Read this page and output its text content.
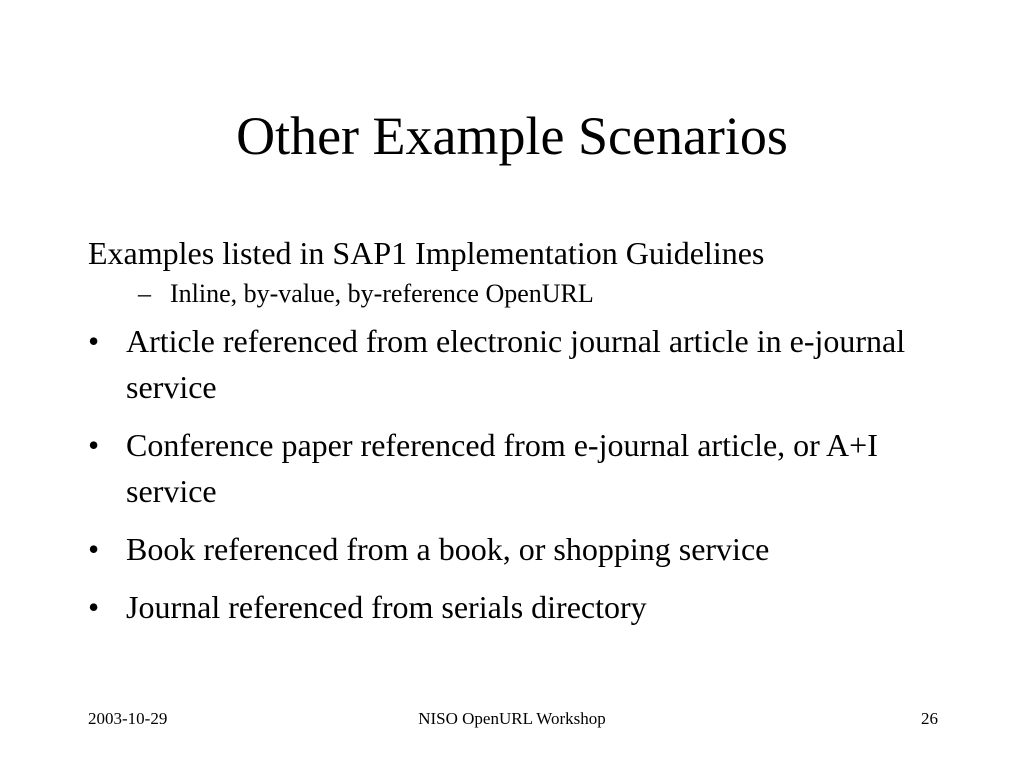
Other Example Scenarios

Examples listed in SAP1 Implementation Guidelines

– Inline, by-value, by-reference OpenURL
• Article referenced from electronic journal article in e-journal service
• Conference paper referenced from e-journal article, or A+I service
• Book referenced from a book, or shopping service
• Journal referenced from serials directory
2003-10-29	NISO OpenURL Workshop	26
